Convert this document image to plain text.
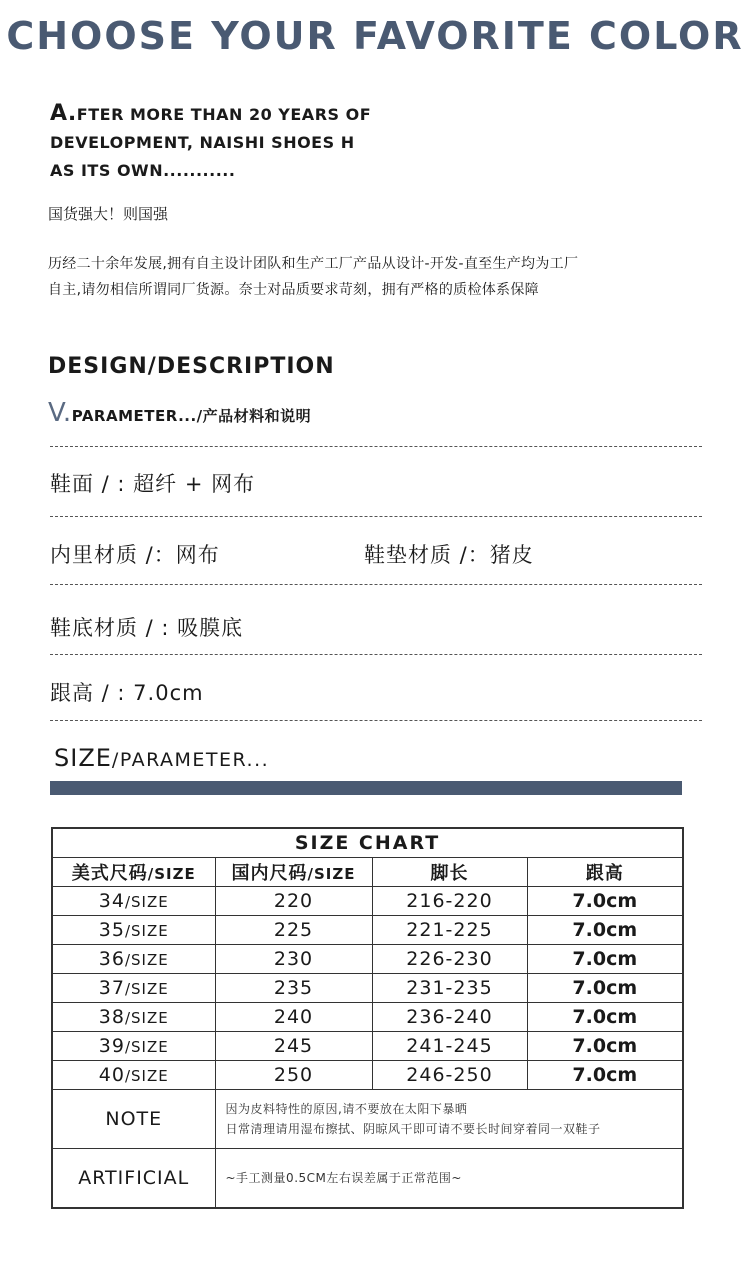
CHOOSE YOUR FAVORITE COLOR
A.FTER MORE THAN 20 YEARS OF
DEVELOPMENT, NAISHI SHOES H
AS ITS OWN...........
国货强大！则国强
历经二十余年发展,拥有自主设计团队和生产工厂产品从设计-开发-直至生产均为工厂
自主,请勿相信所谓同厂货源。奈士对品质要求苛刻，拥有严格的质检体系保障
DESIGN/DESCRIPTION
V.PARAMETER.../产品材料和说明
鞋面 / : 超纤 + 网布
内里材质 /：网布	鞋垫材质 /：猪皮
鞋底材质 / : 吸膜底
跟高 / : 7.0cm
SIZE/PARAMETER...
SIZE CHART			
美式尺码/SIZE	国内尺码/SIZE	脚长	跟高
34/SIZE	220	216-220	7.0cm
35/SIZE	225	221-225	7.0cm
36/SIZE	230	226-230	7.0cm
37/SIZE	235	231-235	7.0cm
38/SIZE	240	236-240	7.0cm
39/SIZE	245	241-245	7.0cm
40/SIZE	250	246-250	7.0cm
NOTE	因为皮料特性的原因,请不要放在太阳下暴晒
日常清理请用湿布擦拭、阴晾风干即可请不要长时间穿着同一双鞋子		

ARTIFICIAL	~手工测量0.5CM左右误差属于正常范围~		
